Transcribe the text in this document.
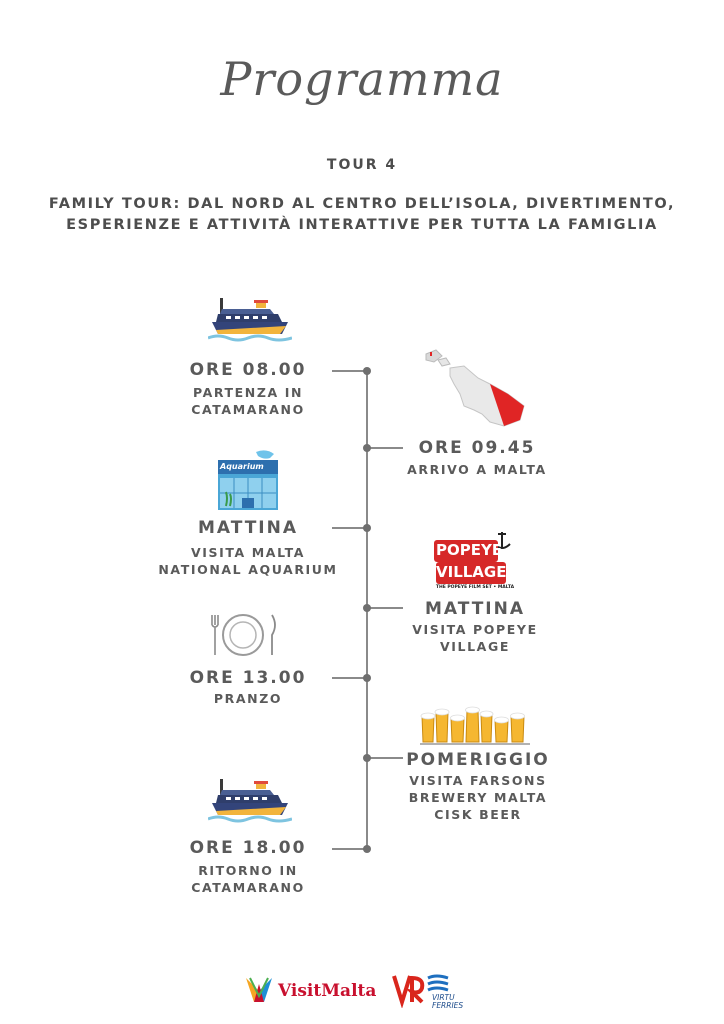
Programma
TOUR 4
FAMILY TOUR: DAL NORD AL CENTRO DELL’ISOLA, DIVERTIMENTO,
ESPERIENZE E ATTIVITÀ INTERATTIVE PER TUTTA LA FAMIGLIA
ORE 08.00
PARTENZA IN
CATAMARANO
ORE 09.45
ARRIVO A MALTA
Aquarium
MATTINA
VISITA MALTA
NATIONAL AQUARIUM
POPEYE
VILLAGE
THE POPEYE FILM SET • MALTA
MATTINA
VISITA POPEYE
VILLAGE
ORE 13.00
PRANZO
POMERIGGIO
VISITA FARSONS
BREWERY MALTA
CISK BEER
ORE 18.00
RITORNO IN
CATAMARANO
VisitMalta	VIRTU
FERRIES
